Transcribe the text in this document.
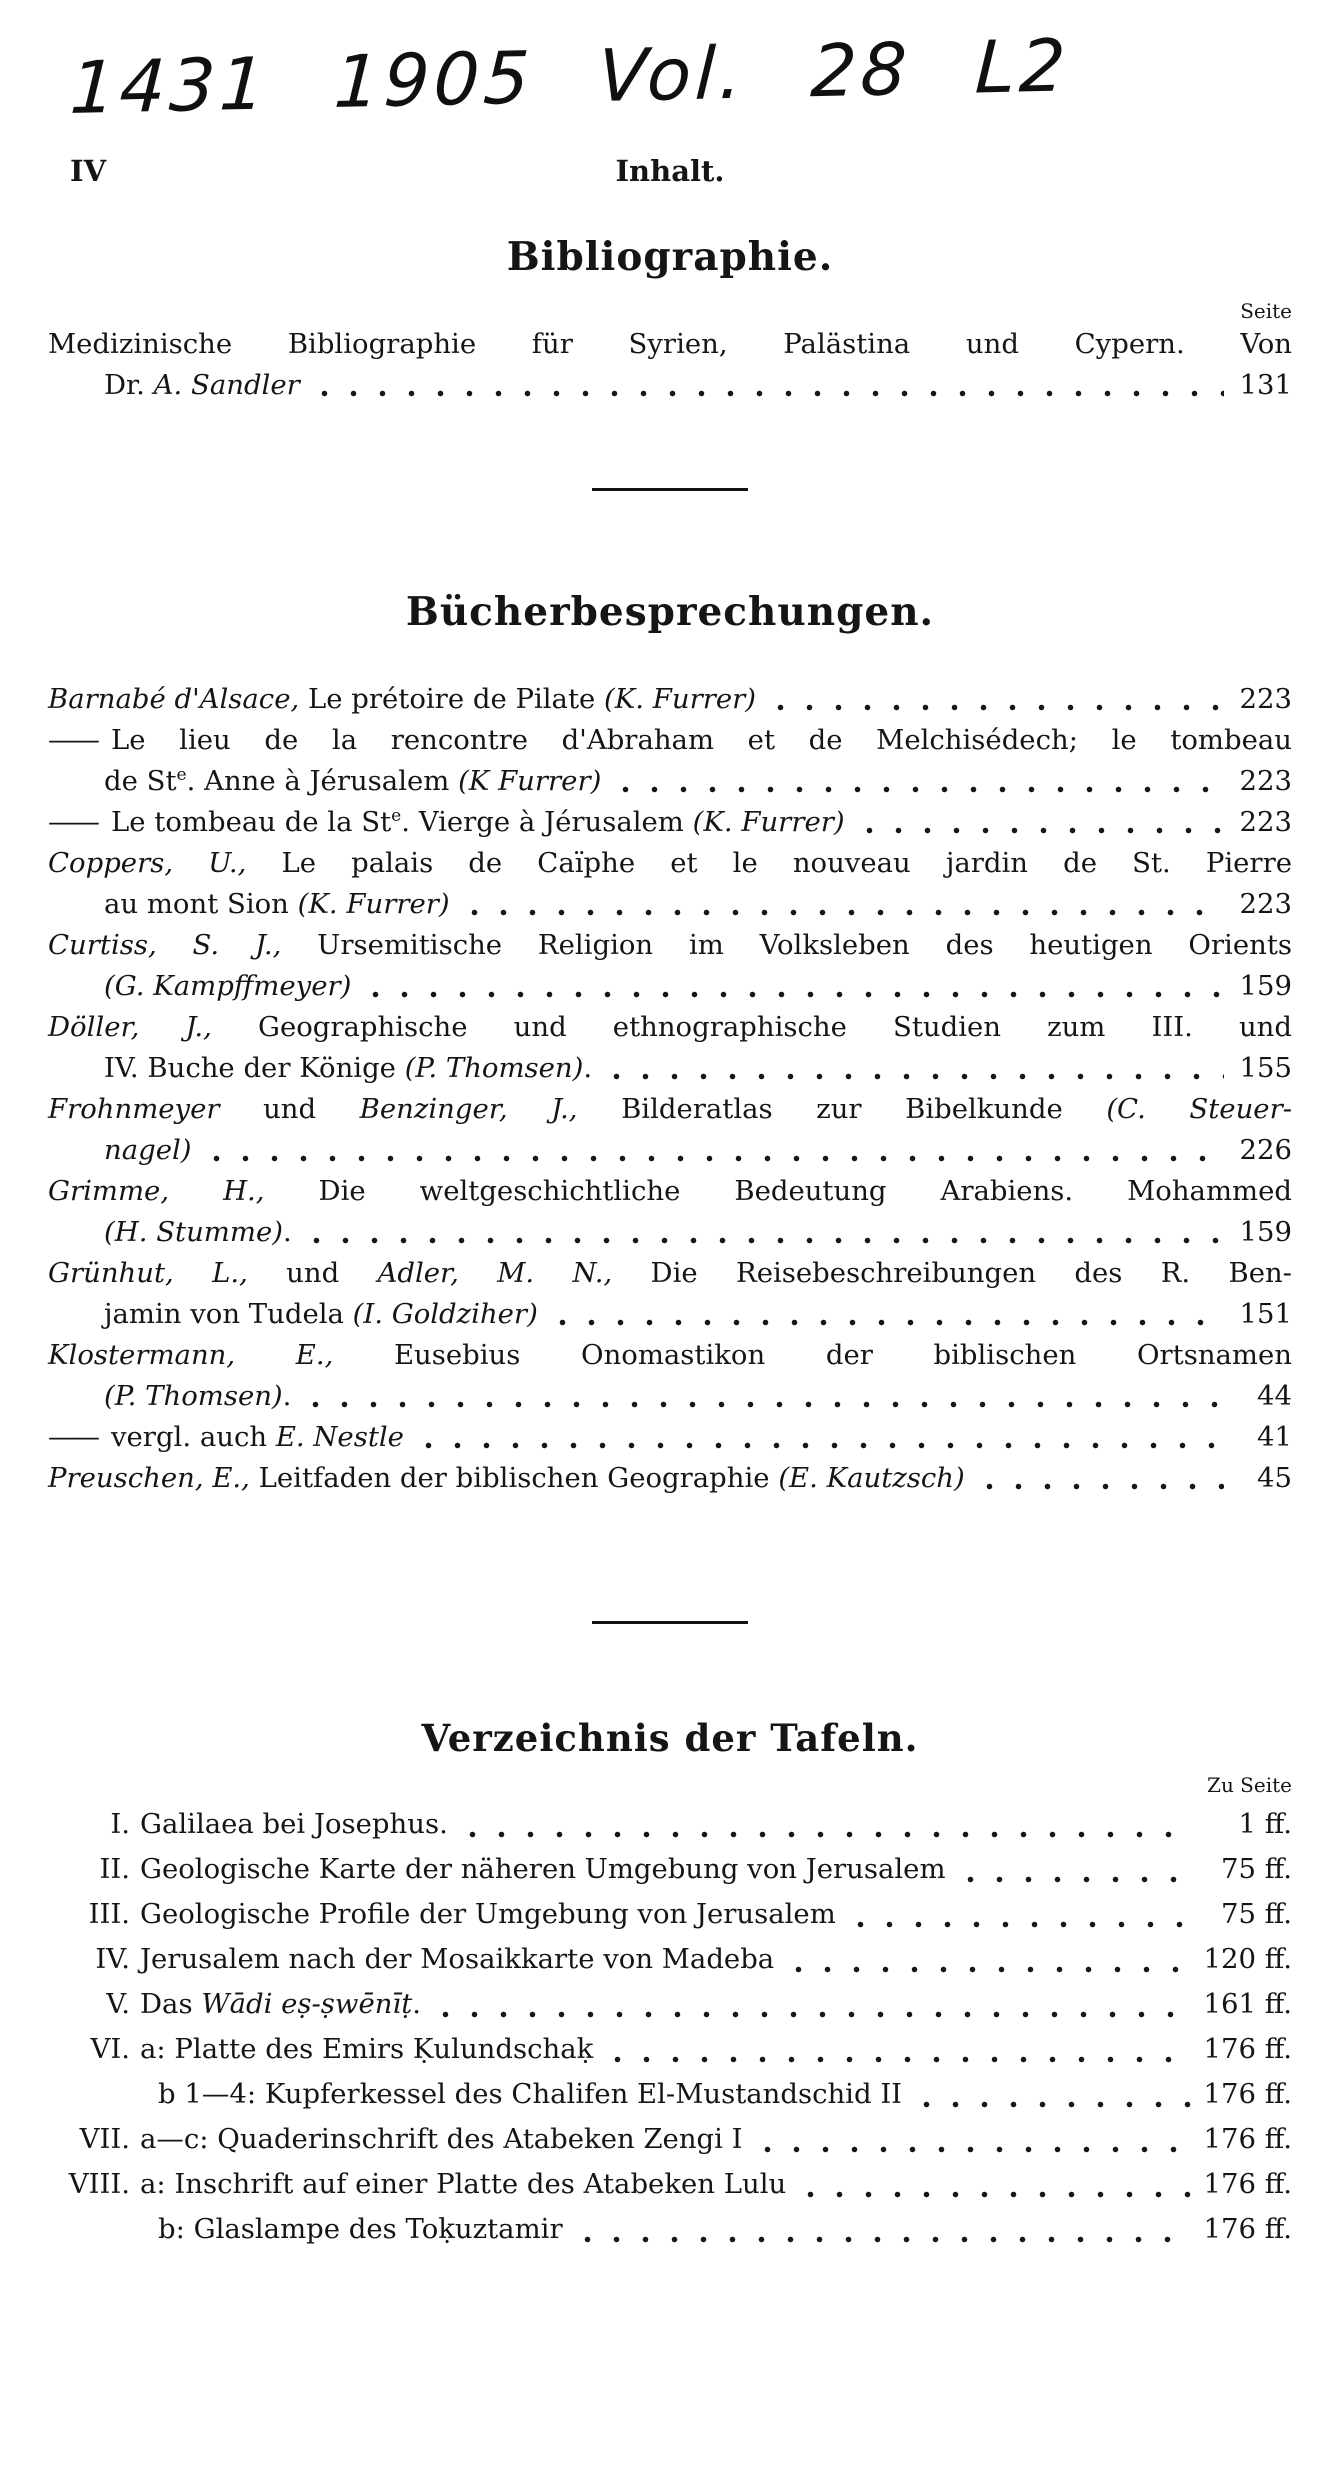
1431 1905 Vol. 28 L2
IV	Inhalt.
Bibliographie.
Seite
Medizinische Bibliographie für Syrien, Palästina und Cypern. Von
Dr. A. Sandler	131
Bücherbesprechungen.
Barnabé d'Alsace, Le prétoire de Pilate (K. Furrer)	223
—— Le lieu de la rencontre d'Abraham et de Melchisédech; le tombeau
de St$^e$. Anne à Jérusalem (K Furrer)	223
—— Le tombeau de la St$^e$. Vierge à Jérusalem (K. Furrer)	223
Coppers, U., Le palais de Caïphe et le nouveau jardin de St. Pierre
au mont Sion (K. Furrer)	223
Curtiss, S. J., Ursemitische Religion im Volksleben des heutigen Orients
(G. Kampffmeyer)	159
Döller, J., Geographische und ethnographische Studien zum III. und
IV. Buche der Könige (P. Thomsen).	155
Frohnmeyer und Benzinger, J., Bilderatlas zur Bibelkunde (C. Steuer-
nagel)	226
Grimme, H., Die weltgeschichtliche Bedeutung Arabiens. Mohammed
(H. Stumme).	159
Grünhut, L., und Adler, M. N., Die Reisebeschreibungen des R. Ben-
jamin von Tudela (I. Goldziher)	151
Klostermann, E., Eusebius Onomastikon der biblischen Ortsnamen
(P. Thomsen).	44
—— vergl. auch E. Nestle	41
Preuschen, E., Leitfaden der biblischen Geographie (E. Kautzsch)	45
Verzeichnis der Tafeln.
Zu Seite
I. Galilaea bei Josephus.	1 ff.
II. Geologische Karte der näheren Umgebung von Jerusalem	75 ff.
III. Geologische Profile der Umgebung von Jerusalem	75 ff.
IV. Jerusalem nach der Mosaikkarte von Madeba	120 ff.
V. Das Wādi eṣ-ṣwēnīṭ.	161 ff.
VI. a: Platte des Emirs Ḳulundschaḳ	176 ff.
b 1—4: Kupferkessel des Chalifen El-Mustandschid II	176 ff.
VII. a—c: Quaderinschrift des Atabeken Zengi I	176 ff.
VIII. a: Inschrift auf einer Platte des Atabeken Lulu	176 ff.
b: Glaslampe des Toḳuztamir	176 ff.
